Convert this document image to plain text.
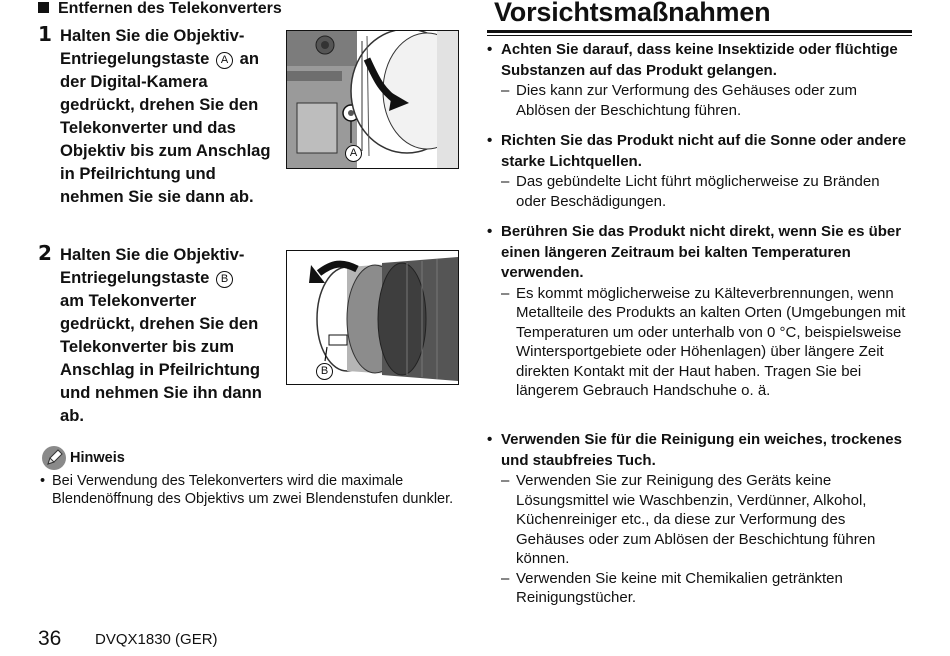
Entfernen des Telekonverters
1 Halten Sie die Objektiv-
Entriegelungstaste A an
der Digital-Kamera gedrückt, drehen Sie den Telekonverter und das Objektiv bis zum Anschlag in Pfeilrichtung und nehmen Sie sie dann ab.
A
2 Halten Sie die Objektiv-
Entriegelungstaste B
am Telekonverter gedrückt, drehen Sie den Telekonverter bis zum Anschlag in Pfeilrichtung und nehmen Sie ihn dann ab.
B
Hinweis
• Bei Verwendung des Telekonverters wird die maximale Blendenöffnung des Objektivs um zwei Blendenstufen dunkler.
Vorsichtsmaßnahmen
• Achten Sie darauf, dass keine Insektizide oder flüchtige Substanzen auf das Produkt gelangen.
– Dies kann zur Verformung des Gehäuses oder zum Ablösen der Beschichtung führen.
• Richten Sie das Produkt nicht auf die Sonne oder andere starke Lichtquellen.
– Das gebündelte Licht führt möglicherweise zu Bränden oder Beschädigungen.
• Berühren Sie das Produkt nicht direkt, wenn Sie es über einen längeren Zeitraum bei kalten Temperaturen verwenden.
– Es kommt möglicherweise zu Kälteverbrennungen, wenn Metallteile des Produkts an kalten Orten (Umgebungen mit Temperaturen um oder unterhalb von 0 °C, beispielsweise Wintersportgebiete oder Höhenlagen) über längere Zeit direkten Kontakt mit der Haut haben. Tragen Sie bei längerem Gebrauch Handschuhe o. ä.
• Verwenden Sie für die Reinigung ein weiches, trockenes und staubfreies Tuch.
– Verwenden Sie zur Reinigung des Geräts keine Lösungsmittel wie Waschbenzin, Verdünner, Alkohol, Küchenreiniger etc., da diese zur Verformung des Gehäuses oder zum Ablösen der Beschichtung führen können.
– Verwenden Sie keine mit Chemikalien getränkten Reinigungstücher.
36 DVQX1830 (GER)
